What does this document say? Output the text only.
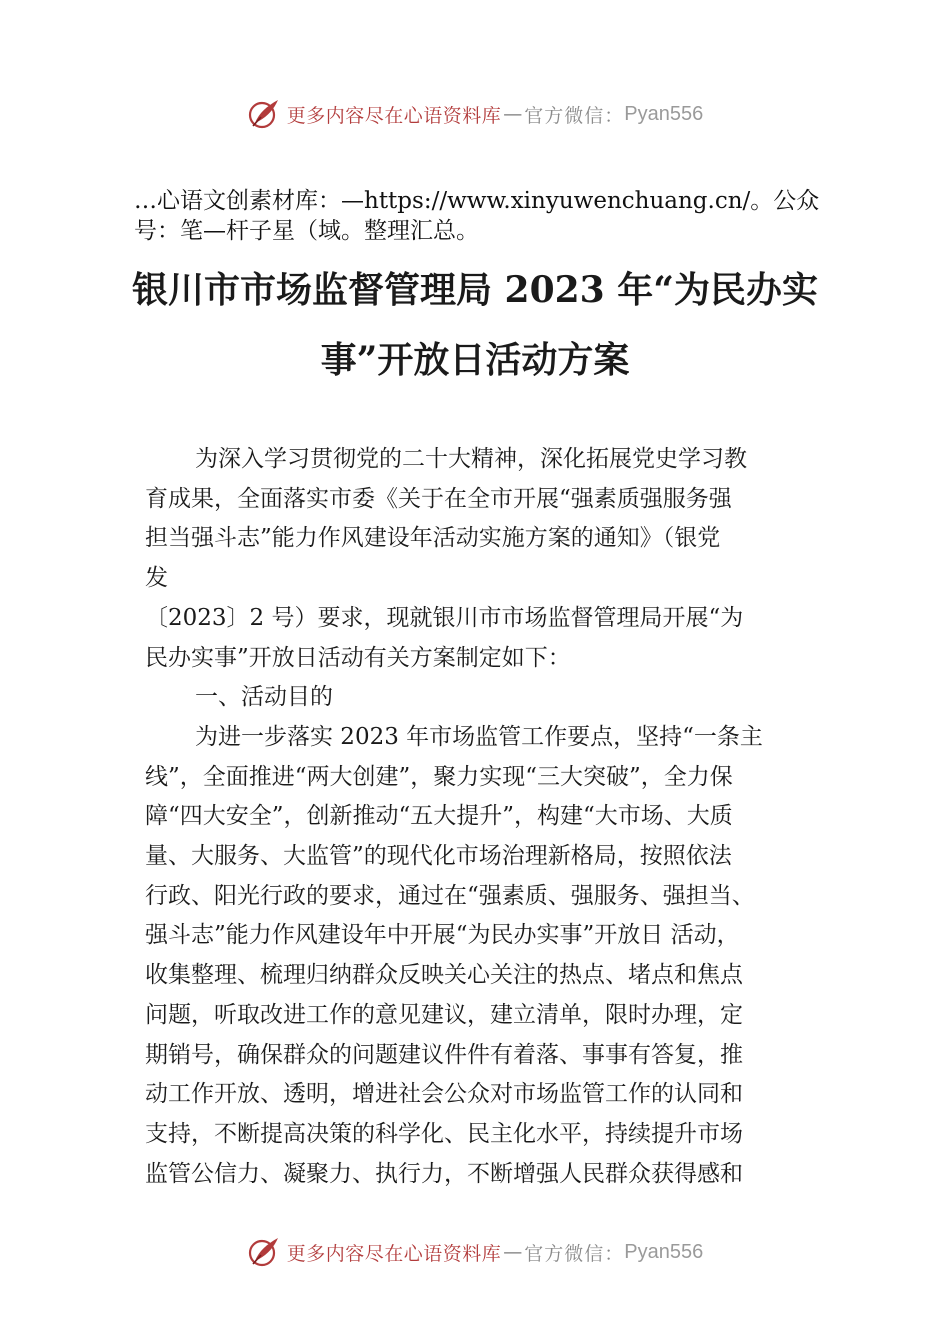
更多内容尽在心语资料库 — 官方微信： Pyan556
…心语文创素材库：—https://www.xinyuwenchuang.cn/。公众号：笔—杆子星（域。整理汇总。
银川市市场监督管理局 2023 年“为民办实
事”开放日活动方案
为深入学习贯彻党的二十大精神，深化拓展党史学习教
育成果，全面落实市委《关于在全市开展“强素质强服务强
担当强斗志”能力作风建设年活动实施方案的通知》（银党
发
〔2023〕2 号）要求，现就银川市市场监督管理局开展“为
民办实事”开放日活动有关方案制定如下：
一、活动目的
为进一步落实 2023 年市场监管工作要点，坚持“一条主
线”，全面推进“两大创建”，聚力实现“三大突破”，全力保
障“四大安全”，创新推动“五大提升”，构建“大市场、大质
量、大服务、大监管”的现代化市场治理新格局，按照依法
行政、阳光行政的要求，通过在“强素质、强服务、强担当、
强斗志”能力作风建设年中开展“为民办实事”开放日 活动，
收集整理、梳理归纳群众反映关心关注的热点、堵点和焦点
问题，听取改进工作的意见建议，建立清单，限时办理，定
期销号，确保群众的问题建议件件有着落、事事有答复，推
动工作开放、透明，增进社会公众对市场监管工作的认同和
支持，不断提高决策的科学化、民主化水平，持续提升市场
监管公信力、凝聚力、执行力，不断增强人民群众获得感和
更多内容尽在心语资料库 — 官方微信： Pyan556
